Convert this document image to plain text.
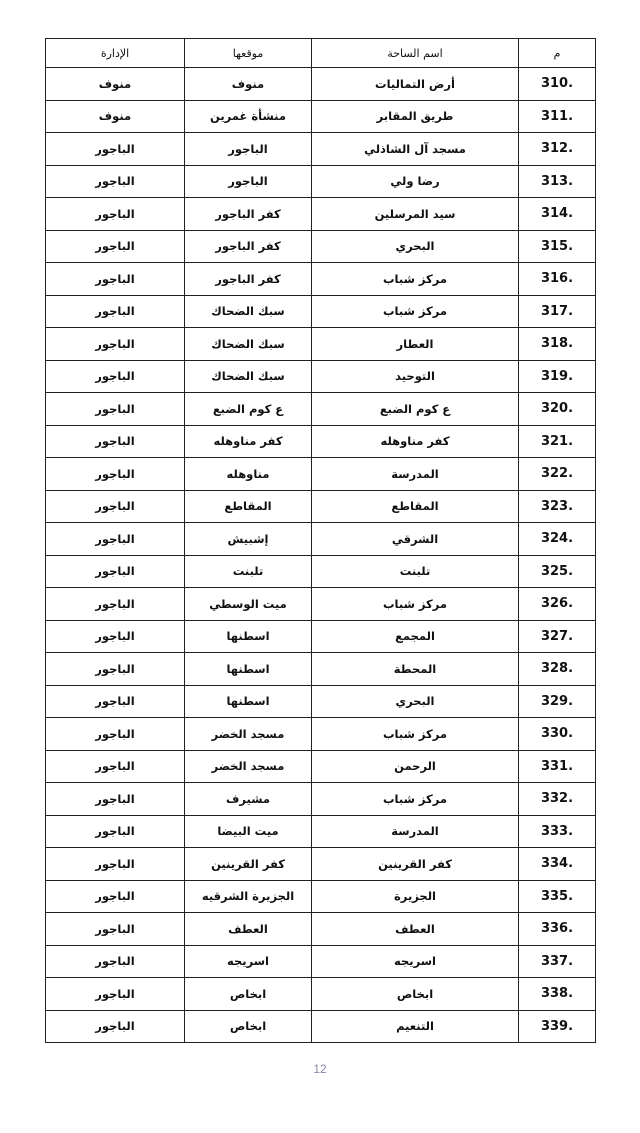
م	اسم الساحة	موقعها	الإدارة
310.	أرض التماليات	منوف	منوف
311.	طريق المقابر	منشأة غمرين	منوف
312.	مسجد آل الشاذلي	الباجور	الباجور
313.	رضا ولي	الباجور	الباجور
314.	سيد المرسلين	كفر الباجور	الباجور
315.	البحري	كفر الباجور	الباجور
316.	مركز شباب	كفر الباجور	الباجور
317.	مركز شباب	سبك الضحاك	الباجور
318.	العطار	سبك الضحاك	الباجور
319.	التوحيد	سبك الضحاك	الباجور
320.	ع كوم الضبع	ع كوم الضبع	الباجور
321.	كفر مناوهله	كفر مناوهله	الباجور
322.	المدرسة	مناوهله	الباجور
323.	المقاطع	المقاطع	الباجور
324.	الشرقي	إشبيش	الباجور
325.	تلبنت	تلبنت	الباجور
326.	مركز شباب	ميت الوسطي	الباجور
327.	المجمع	اسطنها	الباجور
328.	المحطة	اسطنها	الباجور
329.	البحري	اسطنها	الباجور
330.	مركز شباب	مسجد الخضر	الباجور
331.	الرحمن	مسجد الخضر	الباجور
332.	مركز شباب	مشيرف	الباجور
333.	المدرسة	ميت البيضا	الباجور
334.	كفر القرينين	كفر القرينين	الباجور
335.	الجزيرة	الجزيرة الشرقيه	الباجور
336.	العطف	العطف	الباجور
337.	اسريجه	اسريجه	الباجور
338.	ابخاص	ابخاص	الباجور
339.	التنعيم	ابخاص	الباجور
12
